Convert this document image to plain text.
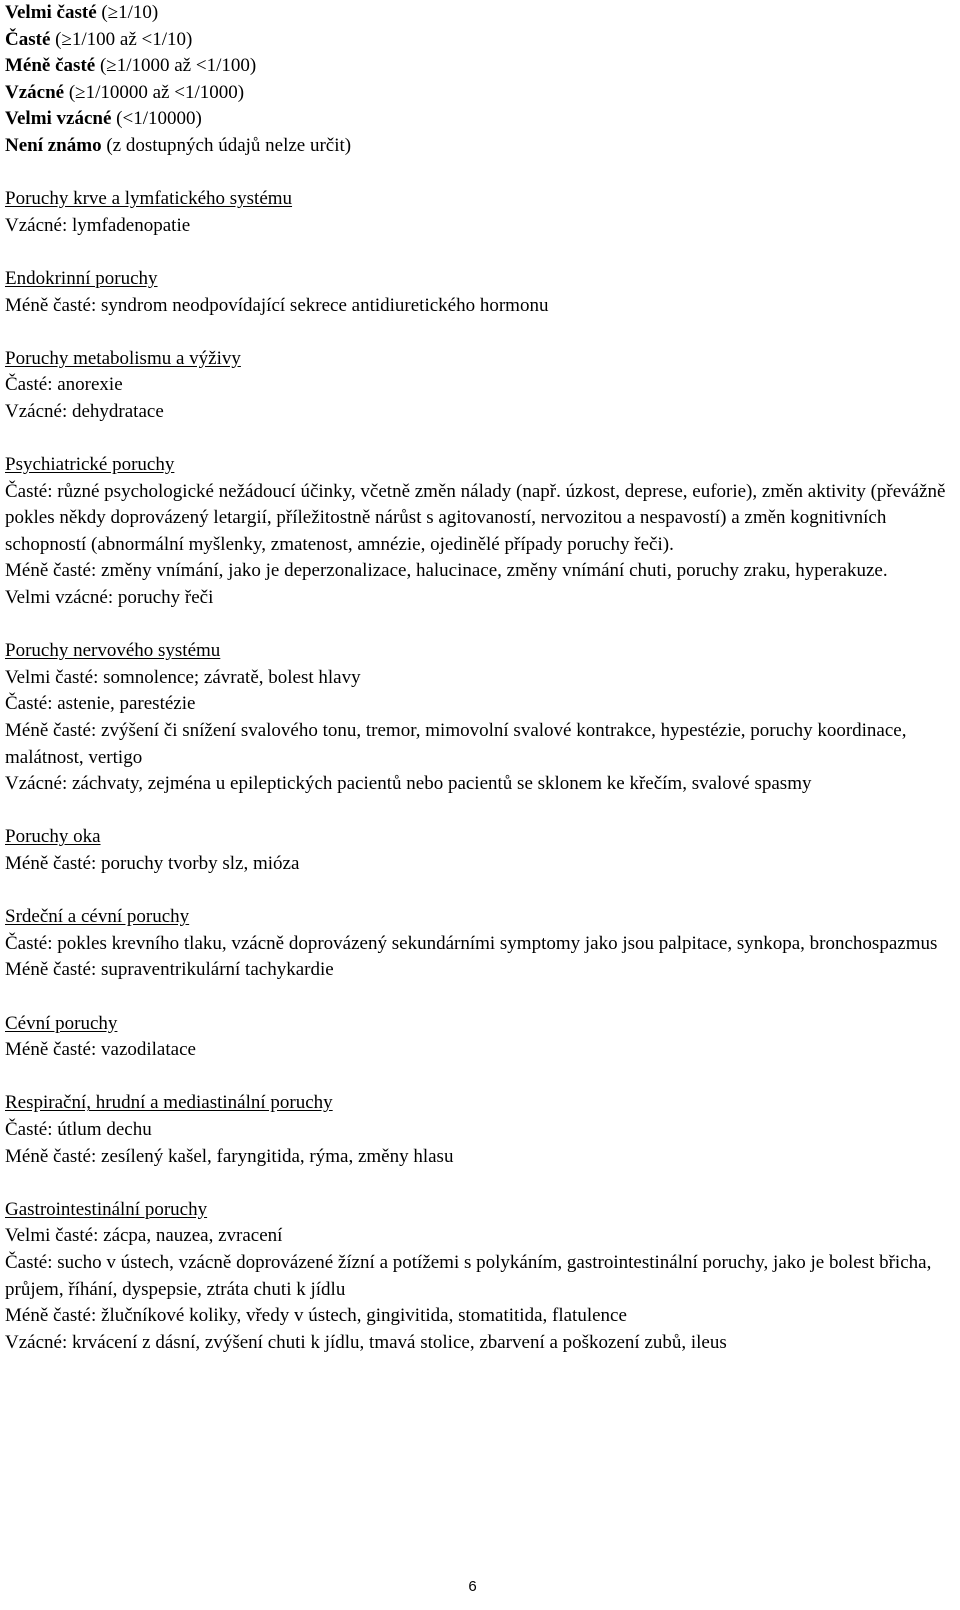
Velmi časté (≥1/10)
Časté (≥1/100 až <1/10)
Méně časté (≥1/1000 až <1/100)
Vzácné (≥1/10000 až <1/1000)
Velmi vzácné (<1/10000)
Není známo (z dostupných údajů nelze určit)
Poruchy krve a lymfatického systému
Vzácné: lymfadenopatie
Endokrinní poruchy
Méně časté: syndrom neodpovídající sekrece antidiuretického hormonu
Poruchy metabolismu a výživy
Časté: anorexie
Vzácné: dehydratace
Psychiatrické poruchy
Časté: různé psychologické nežádoucí účinky, včetně změn nálady (např. úzkost, deprese, euforie), změn aktivity (převážně pokles někdy doprovázený letargií, příležitostně nárůst s agitovaností, nervozitou a nespavostí) a změn kognitivních schopností (abnormální myšlenky, zmatenost, amnézie, ojedinělé případy poruchy řeči).
Méně časté: změny vnímání, jako je deperzonalizace, halucinace, změny vnímání chuti, poruchy zraku, hyperakuze.
Velmi vzácné: poruchy řeči
Poruchy nervového systému
Velmi časté: somnolence; závratě, bolest hlavy
Časté: astenie, parestézie
Méně časté: zvýšení či snížení svalového tonu, tremor, mimovolní svalové kontrakce, hypestézie, poruchy koordinace, malátnost, vertigo
Vzácné: záchvaty, zejména u epileptických pacientů nebo pacientů se sklonem ke křečím, svalové spasmy
Poruchy oka
Méně časté: poruchy tvorby slz, mióza
Srdeční a cévní poruchy
Časté: pokles krevního tlaku, vzácně doprovázený sekundárními symptomy jako jsou palpitace, synkopa, bronchospazmus
Méně časté: supraventrikulární tachykardie
Cévní poruchy
Méně časté: vazodilatace
Respirační, hrudní a mediastinální poruchy
Časté: útlum dechu
Méně časté: zesílený kašel, faryngitida, rýma, změny hlasu
Gastrointestinální poruchy
Velmi časté: zácpa, nauzea, zvracení
Časté: sucho v ústech, vzácně doprovázené žízní a potížemi s polykáním, gastrointestinální poruchy, jako je bolest břicha, průjem, říhání, dyspepsie, ztráta chuti k jídlu
Méně časté: žlučníkové koliky, vředy v ústech, gingivitida, stomatitida, flatulence
Vzácné: krvácení z dásní, zvýšení chuti k jídlu, tmavá stolice, zbarvení a poškození zubů, ileus
6
